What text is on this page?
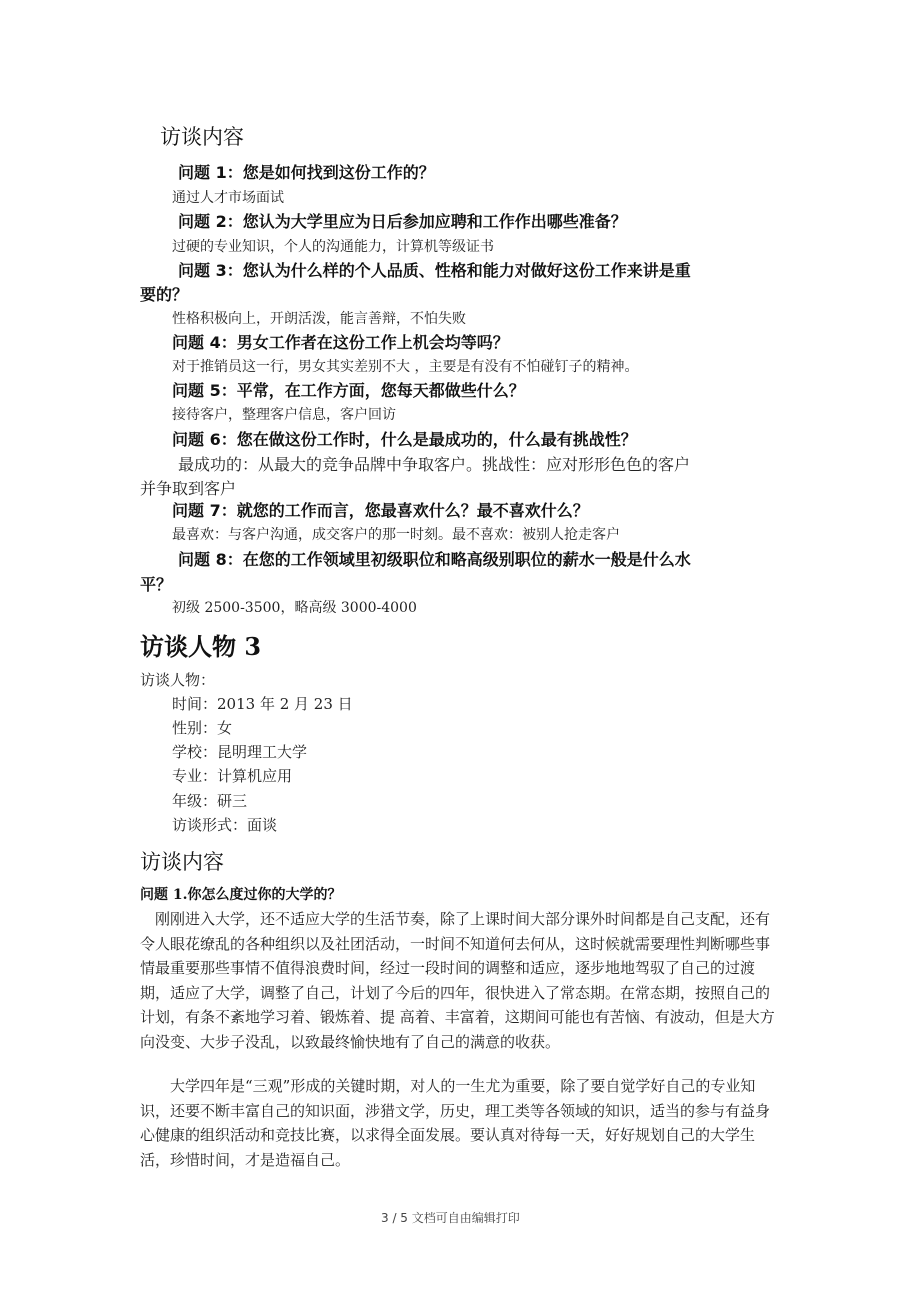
访谈内容
问题 1：您是如何找到这份工作的？
通过人才市场面试
问题 2：您认为大学里应为日后参加应聘和工作作出哪些准备？
过硬的专业知识，个人的沟通能力，计算机等级证书
问题 3：您认为什么样的个人品质、性格和能力对做好这份工作来讲是重
要的？
性格积极向上，开朗活泼，能言善辩，不怕失败
问题 4：男女工作者在这份工作上机会均等吗？
对于推销员这一行，男女其实差别不大 ，主要是有没有不怕碰钉子的精神。
问题 5：平常，在工作方面，您每天都做些什么？
接待客户，整理客户信息，客户回访
问题 6：您在做这份工作时，什么是最成功的，什么最有挑战性？
最成功的：从最大的竞争品牌中争取客户。挑战性：应对形形色色的客户
并争取到客户
问题 7：就您的工作而言，您最喜欢什么？最不喜欢什么？
最喜欢：与客户沟通，成交客户的那一时刻。最不喜欢：被别人抢走客户
问题 8：在您的工作领域里初级职位和略高级别职位的薪水一般是什么水
平？
初级 2500-3500，略高级 3000-4000
访谈人物 3
访谈人物：
时间：2013 年 2 月 23 日
性别：女
学校：昆明理工大学
专业：计算机应用
年级：研三
访谈形式：面谈
访谈内容
问题 1.你怎么度过你的大学的？
刚刚进入大学，还不适应大学的生活节奏，除了上课时间大部分课外时间都是自己支配，还有令人眼花缭乱的各种组织以及社团活动，一时间不知道何去何从，这时候就需要理性判断哪些事情最重要那些事情不值得浪费时间，经过一段时间的调整和适应，逐步地地驾驭了自己的过渡期，适应了大学，调整了自己，计划了今后的四年，很快进入了常态期。在常态期，按照自己的计划，有条不紊地学习着、锻炼着、提 高着、丰富着，这期间可能也有苦恼、有波动，但是大方向没变、大步子没乱，以致最终愉快地有了自己的满意的收获。
大学四年是“三观”形成的关键时期，对人的一生尤为重要，除了要自觉学好自己的专业知识，还要不断丰富自己的知识面，涉猎文学，历史，理工类等各领域的知识，适当的参与有益身心健康的组织活动和竞技比赛，以求得全面发展。要认真对待每一天，好好规划自己的大学生活，珍惜时间，才是造福自己。
3 / 5 文档可自由编辑打印
